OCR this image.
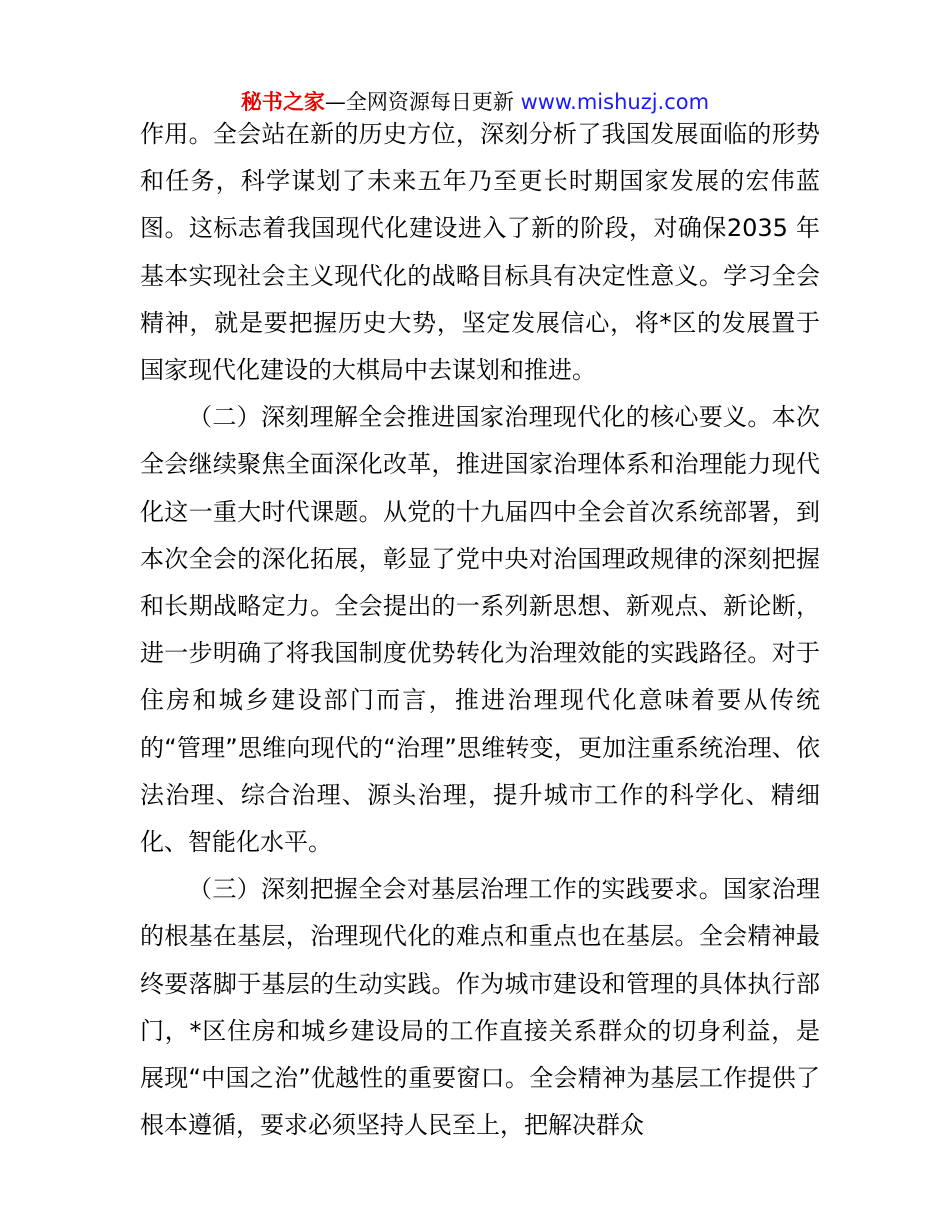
秘书之家—全网资源每日更新 www.mishuzj.com

作用。全会站在新的历史方位，深刻分析了我国发展面临的形势和任务，科学谋划了未来五年乃至更长时期国家发展的宏伟蓝图。这标志着我国现代化建设进入了新的阶段，对确保2035 年基本实现社会主义现代化的战略目标具有决定性意义。学习全会精神，就是要把握历史大势，坚定发展信心，将*区的发展置于国家现代化建设的大棋局中去谋划和推进。

（二）深刻理解全会推进国家治理现代化的核心要义。本次全会继续聚焦全面深化改革，推进国家治理体系和治理能力现代化这一重大时代课题。从党的十九届四中全会首次系统部署，到本次全会的深化拓展，彰显了党中央对治国理政规律的深刻把握和长期战略定力。全会提出的一系列新思想、新观点、新论断，进一步明确了将我国制度优势转化为治理效能的实践路径。对于住房和城乡建设部门而言，推进治理现代化意味着要从传统的“管理”思维向现代的“治理”思维转变，更加注重系统治理、依法治理、综合治理、源头治理，提升城市工作的科学化、精细化、智能化水平。

（三）深刻把握全会对基层治理工作的实践要求。国家治理的根基在基层，治理现代化的难点和重点也在基层。全会精神最终要落脚于基层的生动实践。作为城市建设和管理的具体执行部门，*区住房和城乡建设局的工作直接关系群众的切身利益，是展现“中国之治”优越性的重要窗口。全会精神为基层工作提供了根本遵循，要求必须坚持人民至上，把解决群众
